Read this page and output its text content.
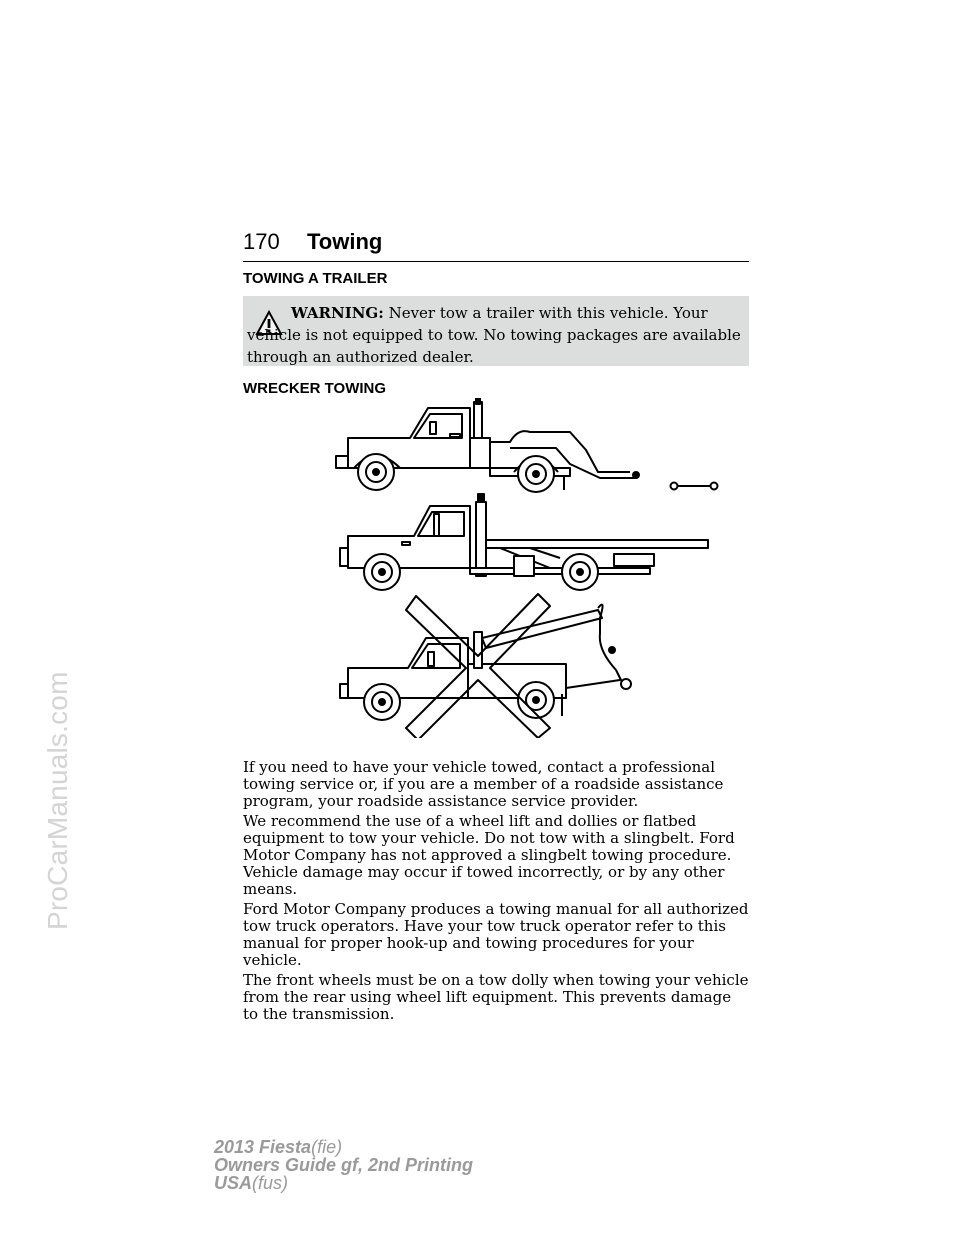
ProCarManuals.com
170 Towing
TOWING A TRAILER
WARNING: Never tow a trailer with this vehicle. Your vehicle is not equipped to tow. No towing packages are available through an authorized dealer.
WRECKER TOWING

If you need to have your vehicle towed, contact a professional towing service or, if you are a member of a roadside assistance program, your roadside assistance service provider.

We recommend the use of a wheel lift and dollies or flatbed equipment to tow your vehicle. Do not tow with a slingbelt. Ford Motor Company has not approved a slingbelt towing procedure. Vehicle damage may occur if towed incorrectly, or by any other means.

Ford Motor Company produces a towing manual for all authorized tow truck operators. Have your tow truck operator refer to this manual for proper hook-up and towing procedures for your vehicle.

The front wheels must be on a tow dolly when towing your vehicle from the rear using wheel lift equipment. This prevents damage to the transmission.

2013 Fiesta(fie)
Owners Guide gf, 2nd Printing
USA(fus)
